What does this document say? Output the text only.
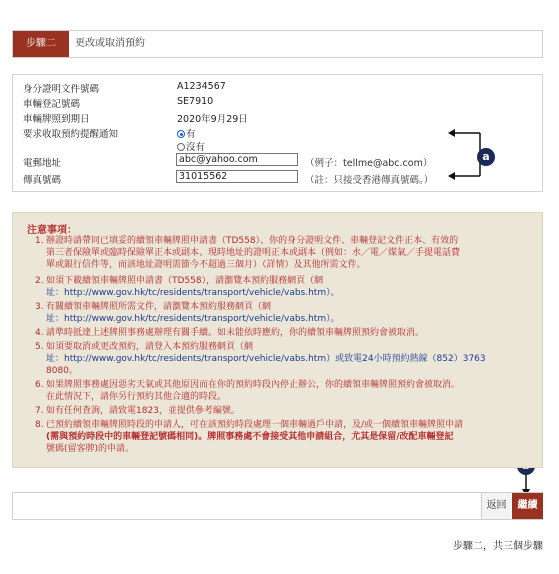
步驟二	更改或取消預約
身分證明文件號碼	A1234567
車輛登記號碼	SE7910
車輛牌照到期日	2020年9月29日
要求收取預約提醒通知	有
沒有
電郵地址	abc@yahoo.com	（例子：tellme@abc.com）
傳真號碼	31015562	（註：只接受香港傳真號碼。）
a
注意事項：
1. 辦證時請帶同已填妥的續領車輛牌照申請書（TD558）、你的身分證明文件、車輛登記文件正本、有效的
第三者保險單或臨時保險單正本或副本、現時地址的證明正本或副本（例如：水／電／煤氣／手提電話費
單或銀行信件等，而該地址證明需節今不超過三個月）（詳情）及其他所需文件。
2. 如須下載續領車輛牌照申請書（TD558），請瀏覽本預約服務網頁（網
址：http://www.gov.hk/tc/residents/transport/vehicle/vabs.htm）。
3. 有關續領車輛牌照所需文件，請瀏覽本預約服務網頁（網
址：http://www.gov.hk/tc/residents/transport/vehicle/vabs.htm）。
4. 請準時抵達上述牌照事務處辦理有關手續。如未能依時應約，你的續領車輛牌照預約會被取消。
5. 如須要取消或更改預約，請登入本預約服務網頁（網
址：http://www.gov.hk/tc/residents/transport/vehicle/vabs.htm）或致電24小時預約熱線（852）3763
8080。
6. 如果牌照事務處因惡劣天氣或其他原因而在你的預約時段內停止辦公，你的續領車輛牌照預約會被取消。
在此情況下，請你另行預約其他合適的時段。
7. 如有任何查詢，請致電1823，並提供參考編號。
8. 已預約續領車輛牌照時段的申請人，可在該預約時段處理一個車輛過戶申請，及/或一個續領車輛牌照申請
(需與預約時段中的車輛登記號碼相同)。牌照事務處不會接受其他申請組合，尤其是保留/改配車輛登記
號碼(留客牌)的申請。
返回	繼續
步驟二，共三個步驟
